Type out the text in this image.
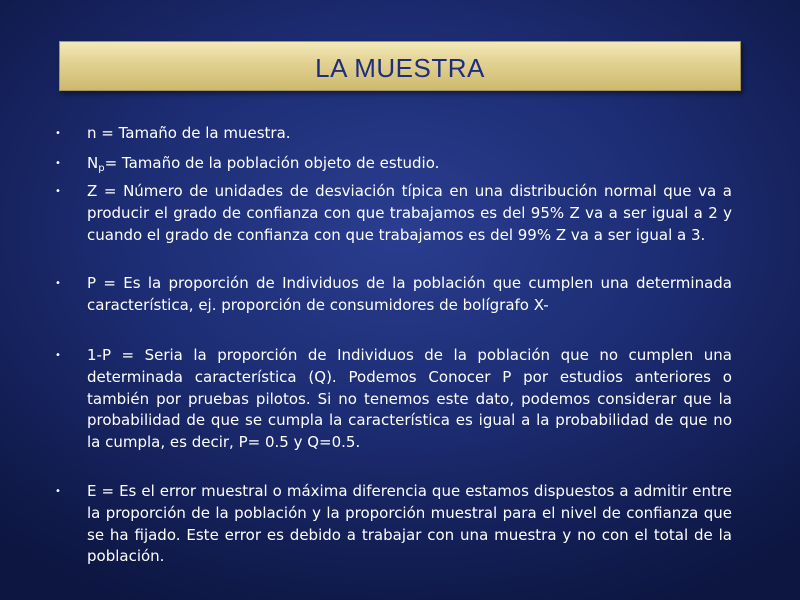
LA MUESTRA
• n = Tamaño de la muestra.
• $N_p=$ Tamaño de la población objeto de estudio.
• Z = Número de unidades de desviación típica en una distribución normal que va a producir el grado de confianza con que trabajamos es del 95% Z va a ser igual a 2 y cuando el grado de confianza con que trabajamos es del 99% Z va a ser igual a 3.
• P = Es la proporción de Individuos de la población que cumplen una determinada característica, ej. proporción de consumidores de bolígrafo X-
• 1-P = Seria la proporción de Individuos de la población que no cumplen una determinada característica (Q). Podemos Conocer P por estudios anteriores o también por pruebas pilotos. Si no tenemos este dato, podemos considerar que la probabilidad de que se cumpla la característica es igual a la probabilidad de que no la cumpla, es decir, P= 0.5 y Q=0.5.
• E = Es el error muestral o máxima diferencia que estamos dispuestos a admitir entre la proporción de la población y la proporción muestral para el nivel de confianza que se ha fijado. Este error es debido a trabajar con una muestra y no con el total de la población.
